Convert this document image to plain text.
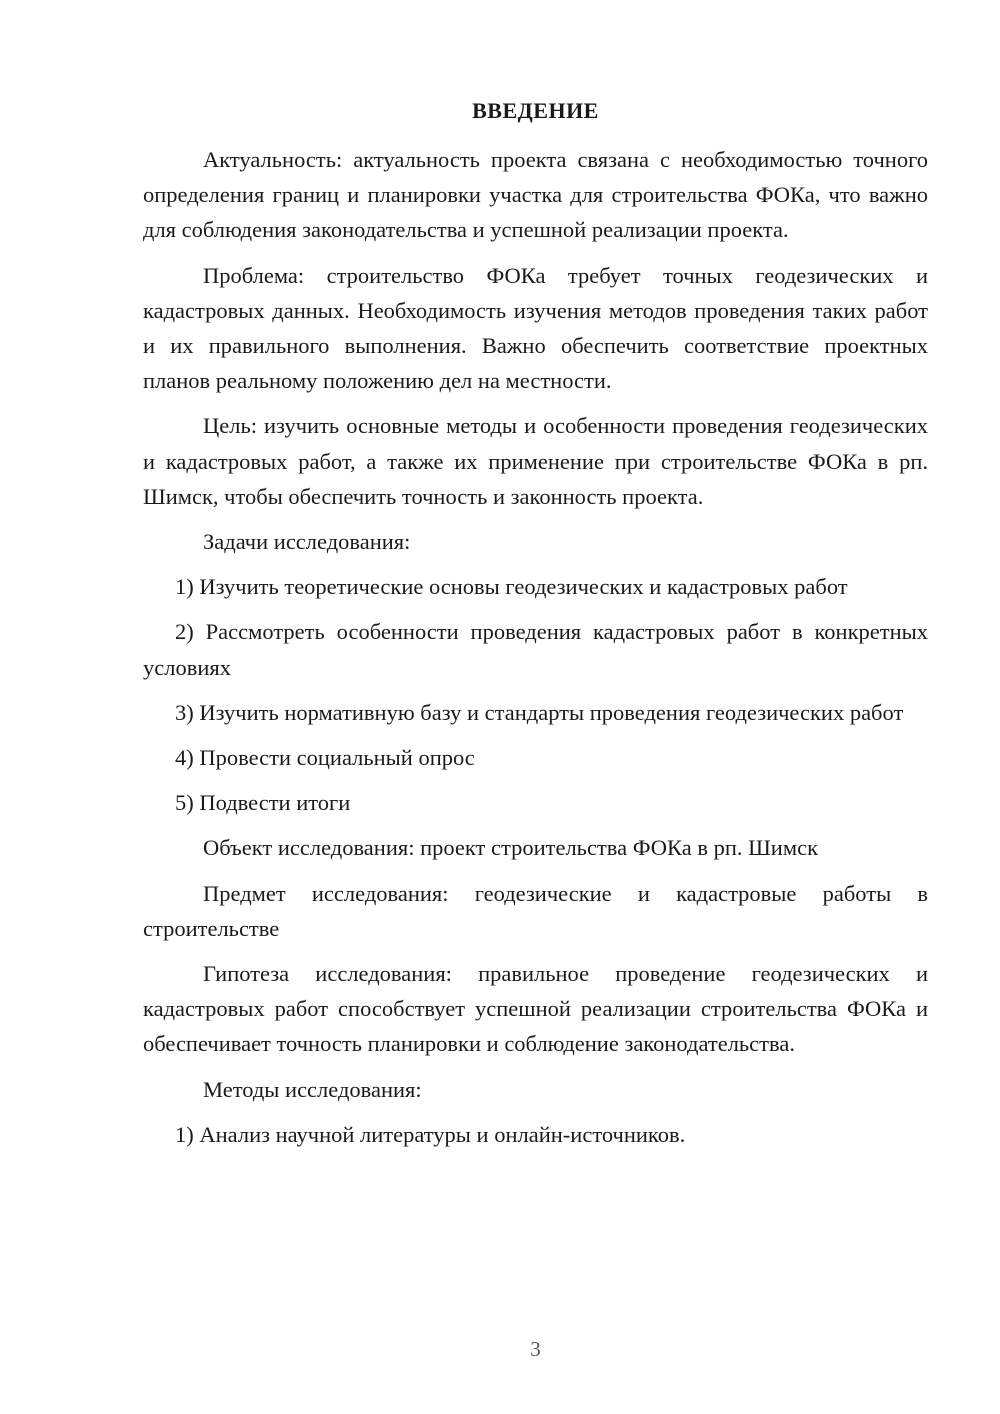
ВВЕДЕНИЕ

Актуальность: актуальность проекта связана с необходимостью точного определения границ и планировки участка для строительства ФОКа, что важно для соблюдения законодательства и успешной реализации проекта.

Проблема: строительство ФОКа требует точных геодезических и кадастровых данных. Необходимость изучения методов проведения таких работ и их правильного выполнения. Важно обеспечить соответствие проектных планов реальному положению дел на местности.

Цель: изучить основные методы и особенности проведения геодезических и кадастровых работ, а также их применение при строительстве ФОКа в рп. Шимск, чтобы обеспечить точность и законность проекта.

Задачи исследования:

1) Изучить теоретические основы геодезических и кадастровых работ

2) Рассмотреть особенности проведения кадастровых работ в конкретных условиях

3) Изучить нормативную базу и стандарты проведения геодезических работ

4) Провести социальный опрос

5) Подвести итоги

Объект исследования: проект строительства ФОКа в рп. Шимск

Предмет исследования: геодезические и кадастровые работы в строительстве

Гипотеза исследования: правильное проведение геодезических и кадастровых работ способствует успешной реализации строительства ФОКа и обеспечивает точность планировки и соблюдение законодательства.

Методы исследования:

1) Анализ научной литературы и онлайн-источников.

3
